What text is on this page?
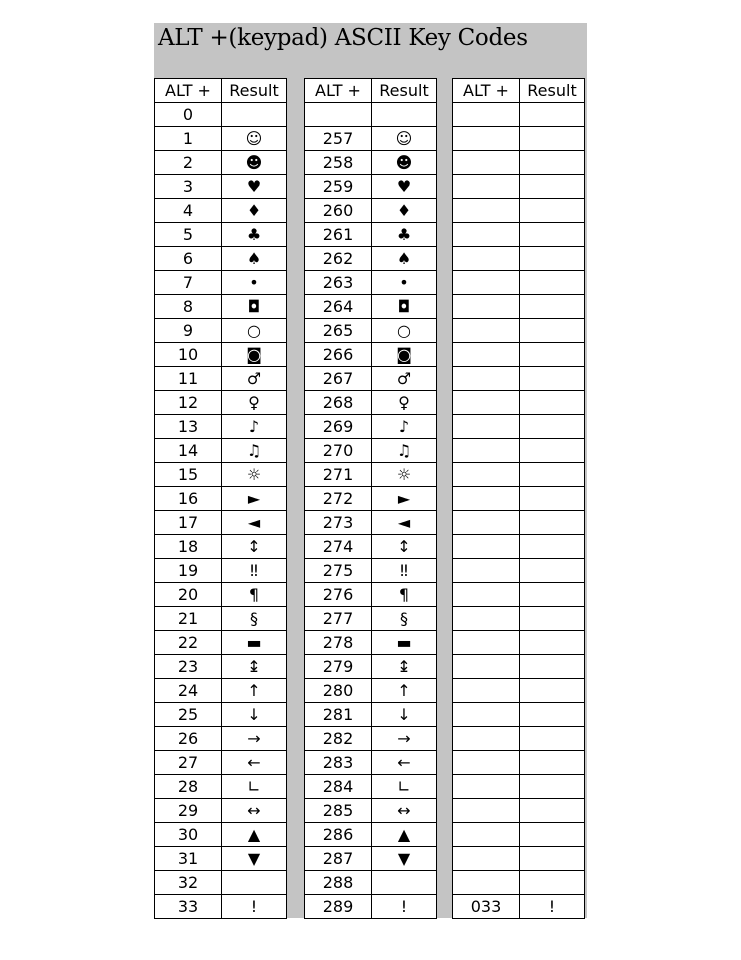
ALT +(keypad) ASCII Key Codes
ALT +	Result
0	
1	☺
2	☻
3	♥
4	♦
5	♣
6	♠
7	•
8	◘
9	○
10	◙
11	♂
12	♀
13	♪
14	♫
15	☼
16	►
17	◄
18	↕
19	‼
20	¶
21	§
22	▬
23	↨
24	↑
25	↓
26	→
27	←
28	∟
29	↔
30	▲
31	▼
32	
33	!
ALT +	Result

257	☺
258	☻
259	♥
260	♦
261	♣
262	♠
263	•
264	◘
265	○
266	◙
267	♂
268	♀
269	♪
270	♫
271	☼
272	►
273	◄
274	↕
275	‼
276	¶
277	§
278	▬
279	↨
280	↑
281	↓
282	→
283	←
284	∟
285	↔
286	▲
287	▼
288	
289	!
ALT +	Result

033	!
